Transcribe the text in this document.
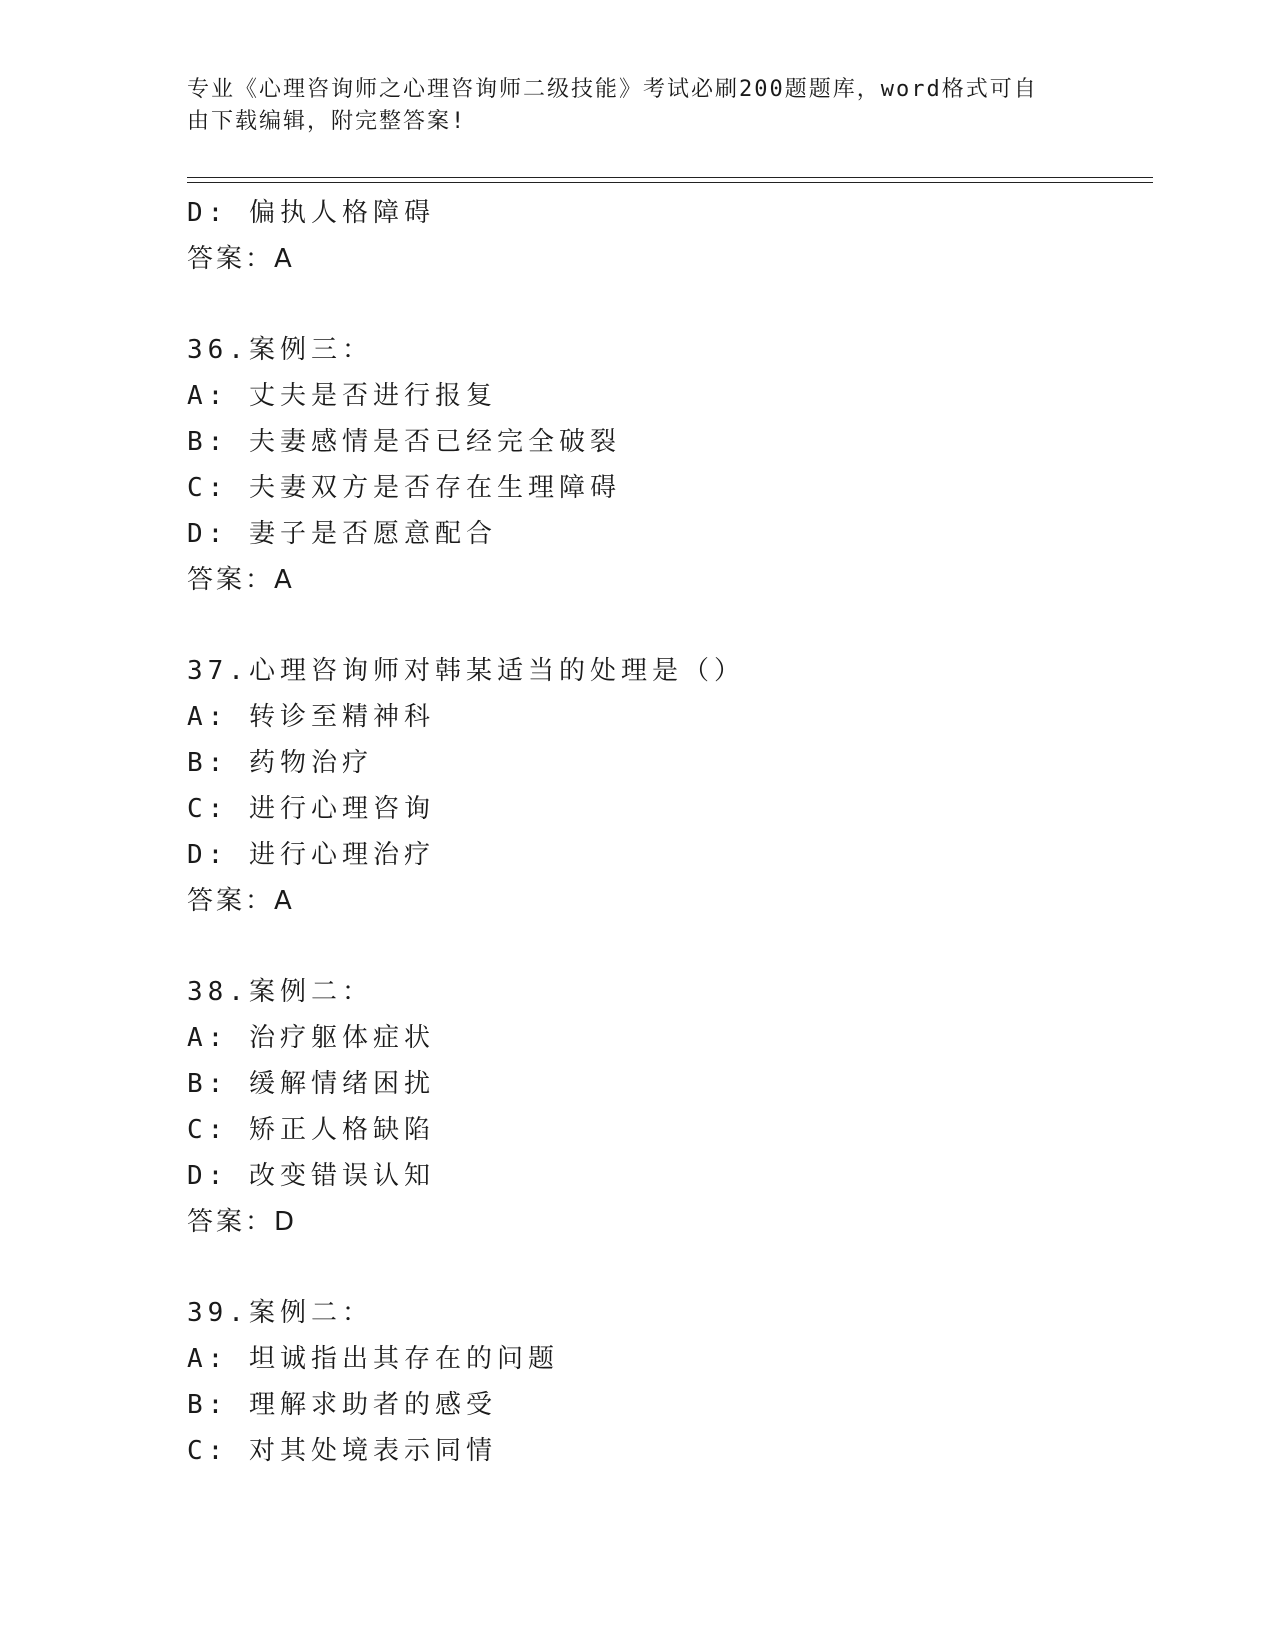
专业《心理咨询师之心理咨询师二级技能》考试必刷200题题库，word格式可自
由下载编辑，附完整答案!
D: 偏执人格障碍
答案：A
36.案例三：
A: 丈夫是否进行报复
B: 夫妻感情是否已经完全破裂
C: 夫妻双方是否存在生理障碍
D: 妻子是否愿意配合
答案：A
37.心理咨询师对韩某适当的处理是（）
A: 转诊至精神科
B: 药物治疗
C: 进行心理咨询
D: 进行心理治疗
答案：A
38.案例二：
A: 治疗躯体症状
B: 缓解情绪困扰
C: 矫正人格缺陷
D: 改变错误认知
答案：D
39.案例二：
A: 坦诚指出其存在的问题
B: 理解求助者的感受
C: 对其处境表示同情
